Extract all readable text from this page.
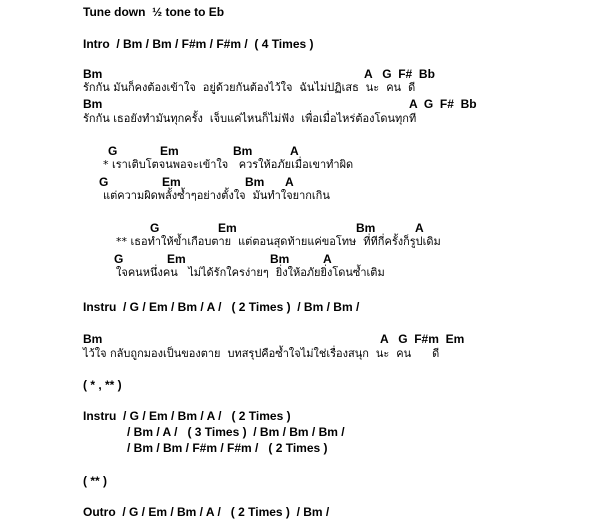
Tune down  ½ tone to Eb
Intro  / Bm / Bm / F#m / F#m /  ( 4 Times )
Bm	A   G  F#  Bb
รักกัน มันก็คงต้องเข้าใจ  อยู่ด้วยกันต้องไว้ใจ  ฉันไม่ปฏิเสธ  นะ  คน  ดี
Bm	A  G  F#  Bb
รักกัน เธอยังทำมันทุกครั้ง  เจ็บแค่ไหนก็ไม่ฟัง  เพื่อเมื่อไหร่ต้องโดนทุกที
G	Em	Bm	A
* เราเติบโตจนพอจะเข้าใจ   ควรให้อภัยเมื่อเขาทำผิด
G	Em	Bm A
แต่ความผิดพลั้งซ้ำๆอย่างตั้งใจ  มันทำใจยากเกิน
G	Em	Bm	A
** เธอทำให้ข้ำเกือบตาย  แต่ตอนสุดท้ายแค่ขอโทษ  ที่ทีกี่ครั้งก็รูปเดิม
G	Em	Bm	A
ใจคนหนึ่งคน   ไม่ได้รักใครง่ายๆ  ยิ่งให้อภัยยิ่งโดนซ้ำเติม
Instru  / G / Em / Bm / A /   ( 2 Times )  / Bm / Bm /
Bm	A   G  F#m  Em
ไว้ใจ กลับถูกมองเป็นของตาย  บทสรุปคือซ้ำใจไม่ใช่เรื่องสนุก  นะ  คน      ดี
( * , ** )
Instru  / G / Em / Bm / A /   ( 2 Times )
/ Bm / A /   ( 3 Times )  / Bm / Bm / Bm /
/ Bm / Bm / F#m / F#m /   ( 2 Times )
( ** )
Outro  / G / Em / Bm / A /   ( 2 Times )  / Bm /
